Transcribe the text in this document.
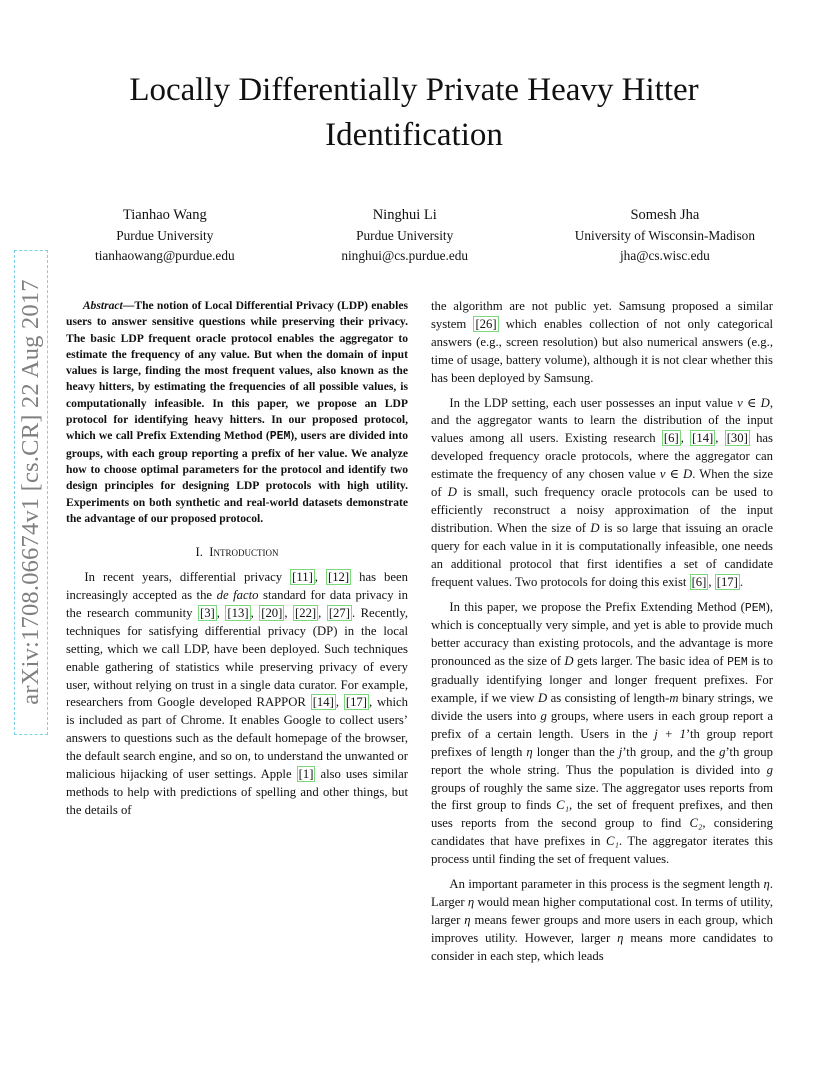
Locally Differentially Private Heavy Hitter
Identification
Tianhao Wang
Purdue University
tianhaowang@purdue.edu
Ninghui Li
Purdue University
ninghui@cs.purdue.edu
Somesh Jha
University of Wisconsin-Madison
jha@cs.wisc.edu
arXiv:1708.06674v1 [cs.CR] 22 Aug 2017	Abstract—The notion of Local Differential Privacy (LDP) enables users to answer sensitive questions while preserving their privacy. The basic LDP frequent oracle protocol enables the aggregator to estimate the frequency of any value. But when the domain of input values is large, finding the most frequent values, also known as the heavy hitters, by estimating the frequencies of all possible values, is computationally infeasible. In this paper, we propose an LDP protocol for identifying heavy hitters. In our proposed protocol, which we call Prefix Extending Method (PEM), users are divided into groups, with each group reporting a prefix of her value. We analyze how to choose optimal parameters for the protocol and identify two design principles for designing LDP protocols with high utility. Experiments on both synthetic and real-world datasets demonstrate the advantage of our proposed protocol.

I. Introduction

In recent years, differential privacy [11] , [12] has been increasingly accepted as the de facto standard for data privacy in the research community [3] , [13] , [20] , [22] , [27] . Recently, techniques for satisfying differential privacy (DP) in the local setting, which we call LDP, have been deployed. Such techniques enable gathering of statistics while preserving privacy of every user, without relying on trust in a single data curator. For example, researchers from Google developed RAPPOR [14] , [17] , which is included as part of Chrome. It enables Google to collect users’ answers to questions such as the default homepage of the browser, the default search engine, and so on, to understand the unwanted or malicious hijacking of user settings. Apple [1] also uses similar methods to help with predictions of spelling and other things, but the details of

the algorithm are not public yet. Samsung proposed a similar system [26] which enables collection of not only categorical answers (e.g., screen resolution) but also numerical answers (e.g., time of usage, battery volume), although it is not clear whether this has been deployed by Samsung.

In the LDP setting, each user possesses an input value v ∈ D, and the aggregator wants to learn the distribution of the input values among all users. Existing research [6] , [14] , [30] has developed frequency oracle protocols, where the aggregator can estimate the frequency of any chosen value v ∈ D. When the size of D is small, such frequency oracle protocols can be used to efficiently reconstruct a noisy approximation of the input distribution. When the size of D is so large that issuing an oracle query for each value in it is computationally infeasible, one needs an additional protocol that first identifies a set of candidate frequent values. Two protocols for doing this exist [6] , [17] .

In this paper, we propose the Prefix Extending Method (PEM), which is conceptually very simple, and yet is able to provide much better accuracy than existing protocols, and the advantage is more pronounced as the size of D gets larger. The basic idea of PEM is to gradually identifying longer and longer frequent prefixes. For example, if we view D as consisting of length-m binary strings, we divide the users into g groups, where users in each group report a prefix of a certain length. Users in the j + 1’th group report prefixes of length η longer than the j’th group, and the g’th group report the whole string. Thus the population is divided into g groups of roughly the same size. The aggregator uses reports from the first group to finds C₁, the set of frequent prefixes, and then uses reports from the second group to find C₂, considering candidates that have prefixes in C₁. The aggregator iterates this process until finding the set of frequent values.

An important parameter in this process is the segment length η. Larger η would mean higher computational cost. In terms of utility, larger η means fewer groups and more users in each group, which improves utility. However, larger η means more candidates to consider in each step, which leads
